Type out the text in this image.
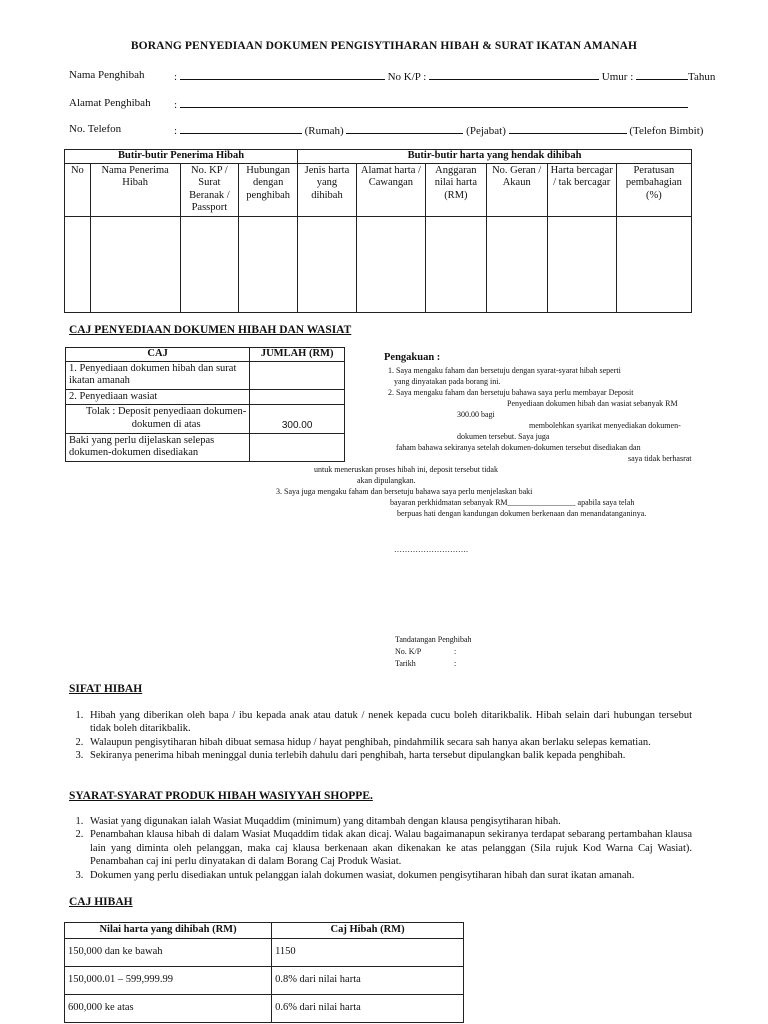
BORANG PENYEDIAAN DOKUMEN PENGISYTIHARAN HIBAH & SURAT IKATAN AMANAH
Nama Penghibah	:	No K/P :	Umur :	Tahun
Alamat Penghibah :
No. Telefon	:	(Rumah)	(Pejabat)	(Telefon Bimbit)
Butir-butir Penerima Hibah				Butir-butir harta yang hendak dihibah					
No	Nama Penerima Hibah	No. KP / Surat Beranak / Passport	Hubungan dengan penghibah	Jenis harta yang dihibah	Alamat harta / Cawangan	Anggaran nilai harta (RM)	No. Geran / Akaun	Harta bercagar / tak bercagar	Peratusan pembahagian (%)

CAJ PENYEDIAAN DOKUMEN HIBAH DAN WASIAT
CAJ	JUMLAH (RM)
1. Penyediaan dokumen hibah dan surat ikatan amanah	
2. Penyediaan wasiat	
Tolak : Deposit penyediaan dokumen-dokumen di atas	300.00
Baki yang perlu dijelaskan selepas dokumen-dokumen disediakan	
Pengakuan :
1. Saya mengaku faham dan bersetuju dengan syarat-syarat hibah seperti
yang dinyatakan pada borang ini.
2. Saya mengaku faham dan bersetuju bahawa saya perlu membayar Deposit
Penyediaan dokumen hibah dan wasiat sebanyak RM
300.00 bagi
membolehkan syarikat menyediakan dokumen-
dokumen tersebut. Saya juga
faham bahawa sekiranya setelah dokumen-dokumen tersebut disediakan dan
saya tidak berhasrat
untuk meneruskan proses hibah ini, deposit tersebut tidak
akan dipulangkan.
3. Saya juga mengaku faham dan bersetuju bahawa saya perlu menjelaskan baki
bayaran perkhidmatan sebanyak RM_________________ apabila saya telah
berpuas hati dengan kandungan dokumen berkenaan dan menandatanganinya.
……………………….
Tandatangan Penghibah
No. K/P	:
Tarikh	:
SIFAT HIBAH
1. Hibah yang diberikan oleh bapa / ibu kepada anak atau datuk / nenek kepada cucu boleh ditarikbalik. Hibah selain dari hubungan tersebut tidak boleh ditarikbalik.
2. Walaupun pengisytiharan hibah dibuat semasa hidup / hayat penghibah, pindahmilik secara sah hanya akan berlaku selepas kematian.
3. Sekiranya penerima hibah meninggal dunia terlebih dahulu dari penghibah, harta tersebut dipulangkan balik kepada penghibah.
SYARAT-SYARAT PRODUK HIBAH WASIYYAH SHOPPE.
1. Wasiat yang digunakan ialah Wasiat Muqaddim (minimum) yang ditambah dengan klausa pengisytiharan hibah.
2. Penambahan klausa hibah di dalam Wasiat Muqaddim tidak akan dicaj. Walau bagaimanapun sekiranya terdapat sebarang pertambahan klausa lain yang diminta oleh pelanggan, maka caj klausa berkenaan akan dikenakan ke atas pelanggan (Sila rujuk Kod Warna Caj Wasiat). Penambahan caj ini perlu dinyatakan di dalam Borang Caj Produk Wasiat.
3. Dokumen yang perlu disediakan untuk pelanggan ialah dokumen wasiat, dokumen pengisytiharan hibah dan surat ikatan amanah.
CAJ HIBAH
Nilai harta yang dihibah (RM)	Caj Hibah (RM)
150,000 dan ke bawah	1150
150,000.01 – 599,999.99	0.8% dari nilai harta
600,000 ke atas	0.6% dari nilai harta
